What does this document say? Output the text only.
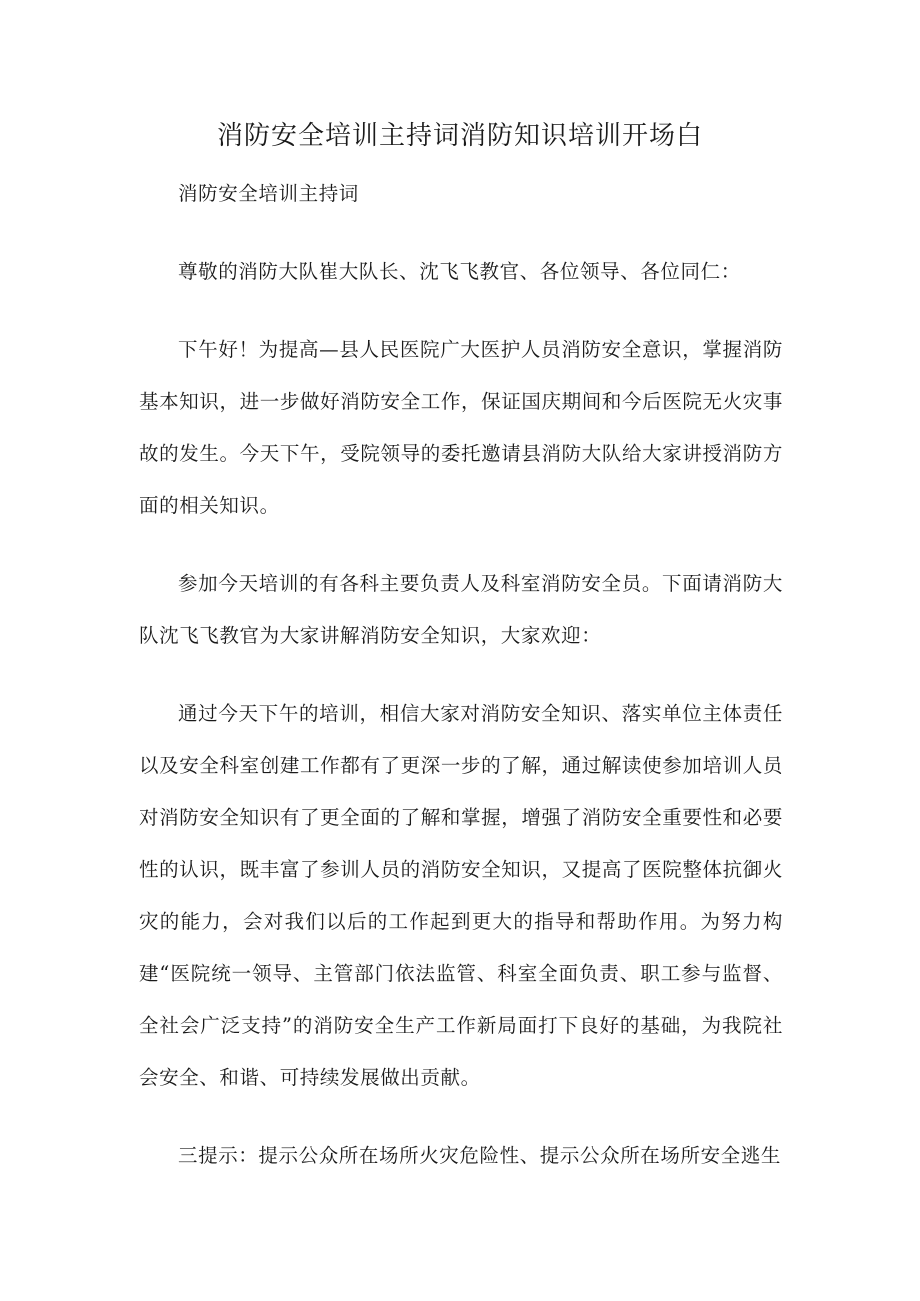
消防安全培训主持词消防知识培训开场白

消防安全培训主持词

尊敬的消防大队崔大队长、沈飞飞教官、各位领导、各位同仁：

下午好！为提高—县人民医院广大医护人员消防安全意识，掌握消防基本知识，进一步做好消防安全工作，保证国庆期间和今后医院无火灾事故的发生。今天下午，受院领导的委托邀请县消防大队给大家讲授消防方面的相关知识。

参加今天培训的有各科主要负责人及科室消防安全员。下面请消防大队沈飞飞教官为大家讲解消防安全知识，大家欢迎：

通过今天下午的培训，相信大家对消防安全知识、落实单位主体责任以及安全科室创建工作都有了更深一步的了解，通过解读使参加培训人员对消防安全知识有了更全面的了解和掌握，增强了消防安全重要性和必要性的认识，既丰富了参训人员的消防安全知识，又提高了医院整体抗御火灾的能力，会对我们以后的工作起到更大的指导和帮助作用。为努力构建“医院统一领导、主管部门依法监管、科室全面负责、职工参与监督、全社会广泛支持”的消防安全生产工作新局面打下良好的基础，为我院社会安全、和谐、可持续发展做出贡献。

三提示：提示公众所在场所火灾危险性、提示公众所在场所安全逃生
